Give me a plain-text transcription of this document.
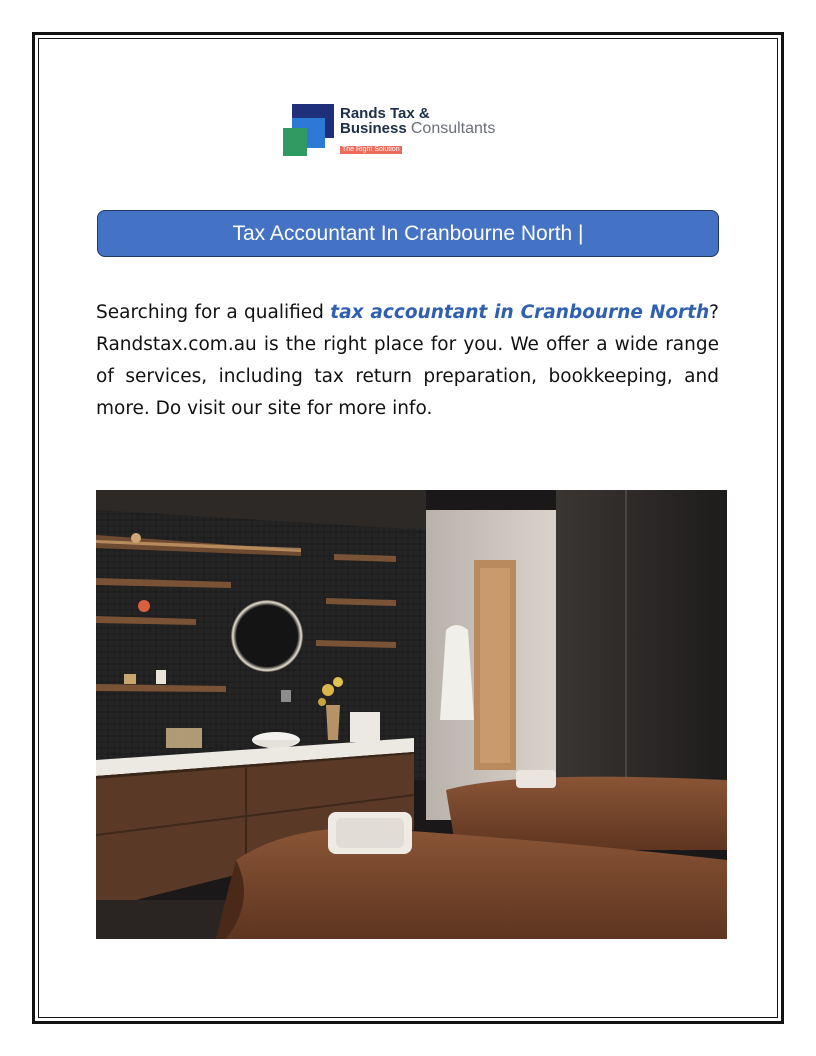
Rands Tax &
Business Consultants
The Right Solution
Tax Accountant In Cranbourne North |
Searching for a qualified tax accountant in Cranbourne North? Randstax.com.au is the right place for you. We offer a wide range of services, including tax return preparation, bookkeeping, and more. Do visit our site for more info.
